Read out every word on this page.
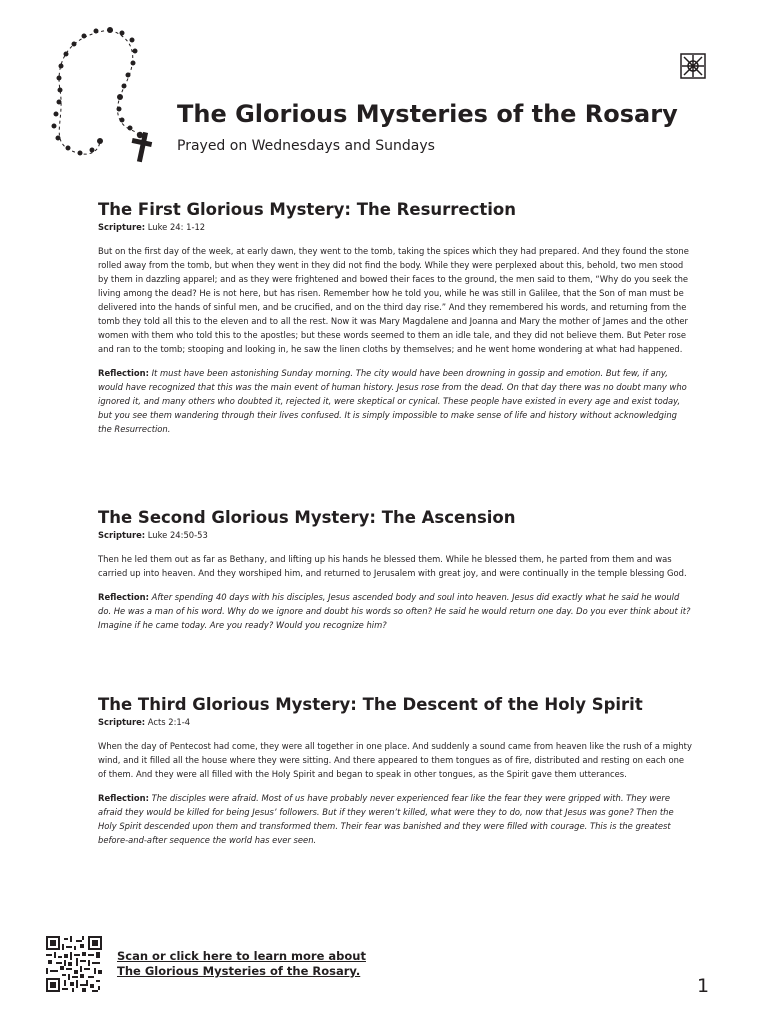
The Glorious Mysteries of the Rosary

Prayed on Wednesdays and Sundays

The First Glorious Mystery: The Resurrection

Scripture: Luke 24: 1-12

But on the first day of the week, at early dawn, they went to the tomb, taking the spices which they had prepared. And they found the stone rolled away from the tomb, but when they went in they did not find the body. While they were perplexed about this, behold, two men stood by them in dazzling apparel; and as they were frightened and bowed their faces to the ground, the men said to them, “Why do you seek the living among the dead? He is not here, but has risen. Remember how he told you, while he was still in Galilee, that the Son of man must be delivered into the hands of sinful men, and be crucified, and on the third day rise.” And they remembered his words, and returning from the tomb they told all this to the eleven and to all the rest. Now it was Mary Magdalene and Joanna and Mary the mother of James and the other women with them who told this to the apostles; but these words seemed to them an idle tale, and they did not believe them. But Peter rose and ran to the tomb; stooping and looking in, he saw the linen cloths by themselves; and he went home wondering at what had happened.

Reflection: It must have been astonishing Sunday morning. The city would have been drowning in gossip and emotion. But few, if any, would have recognized that this was the main event of human history. Jesus rose from the dead. On that day there was no doubt many who ignored it, and many others who doubted it, rejected it, were skeptical or cynical. These people have existed in every age and exist today, but you see them wandering through their lives confused. It is simply impossible to make sense of life and history without acknowledging the Resurrection.

The Second Glorious Mystery: The Ascension

Scripture: Luke 24:50-53

Then he led them out as far as Bethany, and lifting up his hands he blessed them. While he blessed them, he parted from them and was carried up into heaven. And they worshiped him, and returned to Jerusalem with great joy, and were continually in the temple blessing God.

Reflection: After spending 40 days with his disciples, Jesus ascended body and soul into heaven. Jesus did exactly what he said he would do. He was a man of his word. Why do we ignore and doubt his words so often? He said he would return one day. Do you ever think about it? Imagine if he came today. Are you ready? Would you recognize him?

The Third Glorious Mystery: The Descent of the Holy Spirit

Scripture: Acts 2:1-4

When the day of Pentecost had come, they were all together in one place. And suddenly a sound came from heaven like the rush of a mighty wind, and it filled all the house where they were sitting. And there appeared to them tongues as of fire, distributed and resting on each one of them. And they were all filled with the Holy Spirit and began to speak in other tongues, as the Spirit gave them utterances.

Reflection: The disciples were afraid. Most of us have probably never experienced fear like the fear they were gripped with. They were afraid they would be killed for being Jesus’ followers. But if they weren’t killed, what were they to do, now that Jesus was gone? Then the Holy Spirit descended upon them and transformed them. Their fear was banished and they were filled with courage. This is the greatest before-and-after sequence the world has ever seen.

Scan or click here to learn more about
The Glorious Mysteries of the Rosary.
1
